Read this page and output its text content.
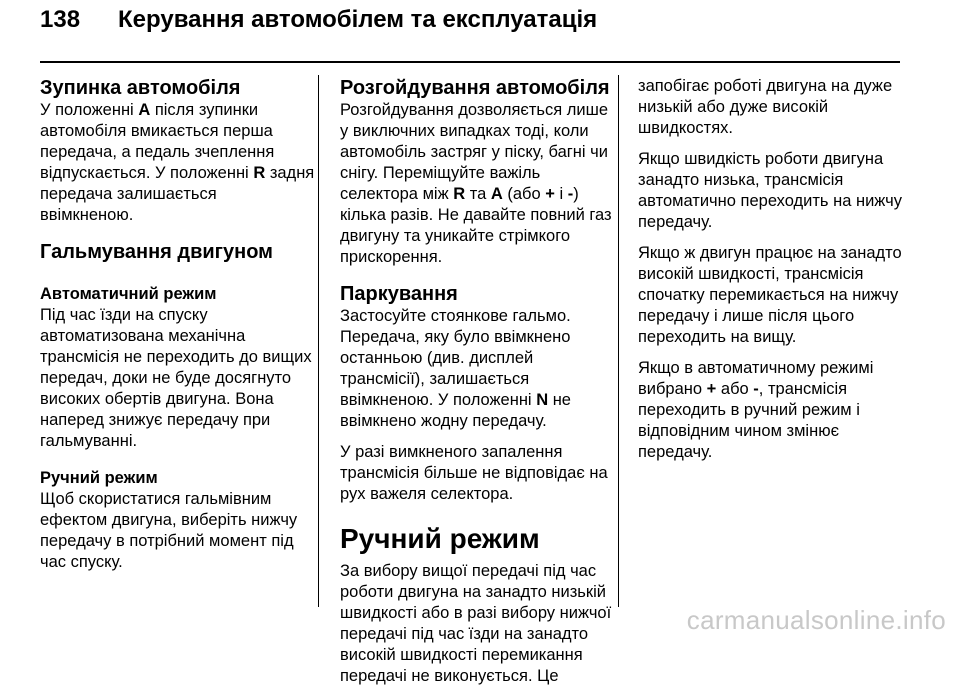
138 Керування автомобілем та експлуатація
Зупинка автомобіля

У положенні A після зупинки
автомобіля вмикається перша
передача, а педаль зчеплення
відпускається. У положенні R задня
передача залишається
ввімкненою.

Гальмування двигуном
Автоматичний режим

Під час їзди на спуску
автоматизована механічна
трансмісія не переходить до вищих
передач, доки не буде досягнуто
високих обертів двигуна. Вона
наперед знижує передачу при
гальмуванні.

Ручний режим

Щоб скористатися гальмівним
ефектом двигуна, виберіть нижчу
передачу в потрібний момент під
час спуску.

Розгойдування автомобіля

Розгойдування дозволяється лише
у виключних випадках тоді, коли
автомобіль застряг у піску, багні чи
снігу. Переміщуйте важіль
селектора між R та A (або + і -)
кілька разів. Не давайте повний газ
двигуну та уникайте стрімкого
прискорення.

Паркування

Застосуйте стоянкове гальмо.
Передача, яку було ввімкнено
останньою (див. дисплей
трансмісії), залишається
ввімкненою. У положенні N не
ввімкнено жодну передачу.

У разі вимкненого запалення
трансмісія більше не відповідає на
рух важеля селектора.

Ручний режим

За вибору вищої передачі під час
роботи двигуна на занадто низькій
швидкості або в разі вибору нижчої
передачі під час їзди на занадто
високій швидкості перемикання
передачі не виконується. Це

запобігає роботі двигуна на дуже
низькій або дуже високій
швидкостях.

Якщо швидкість роботи двигуна
занадто низька, трансмісія
автоматично переходить на нижчу
передачу.

Якщо ж двигун працює на занадто
високій швидкості, трансмісія
спочатку перемикається на нижчу
передачу і лише після цього
переходить на вищу.

Якщо в автоматичному режимі
вибрано + або -, трансмісія
переходить в ручний режим і
відповідним чином змінює
передачу.

carmanualsonline.info
